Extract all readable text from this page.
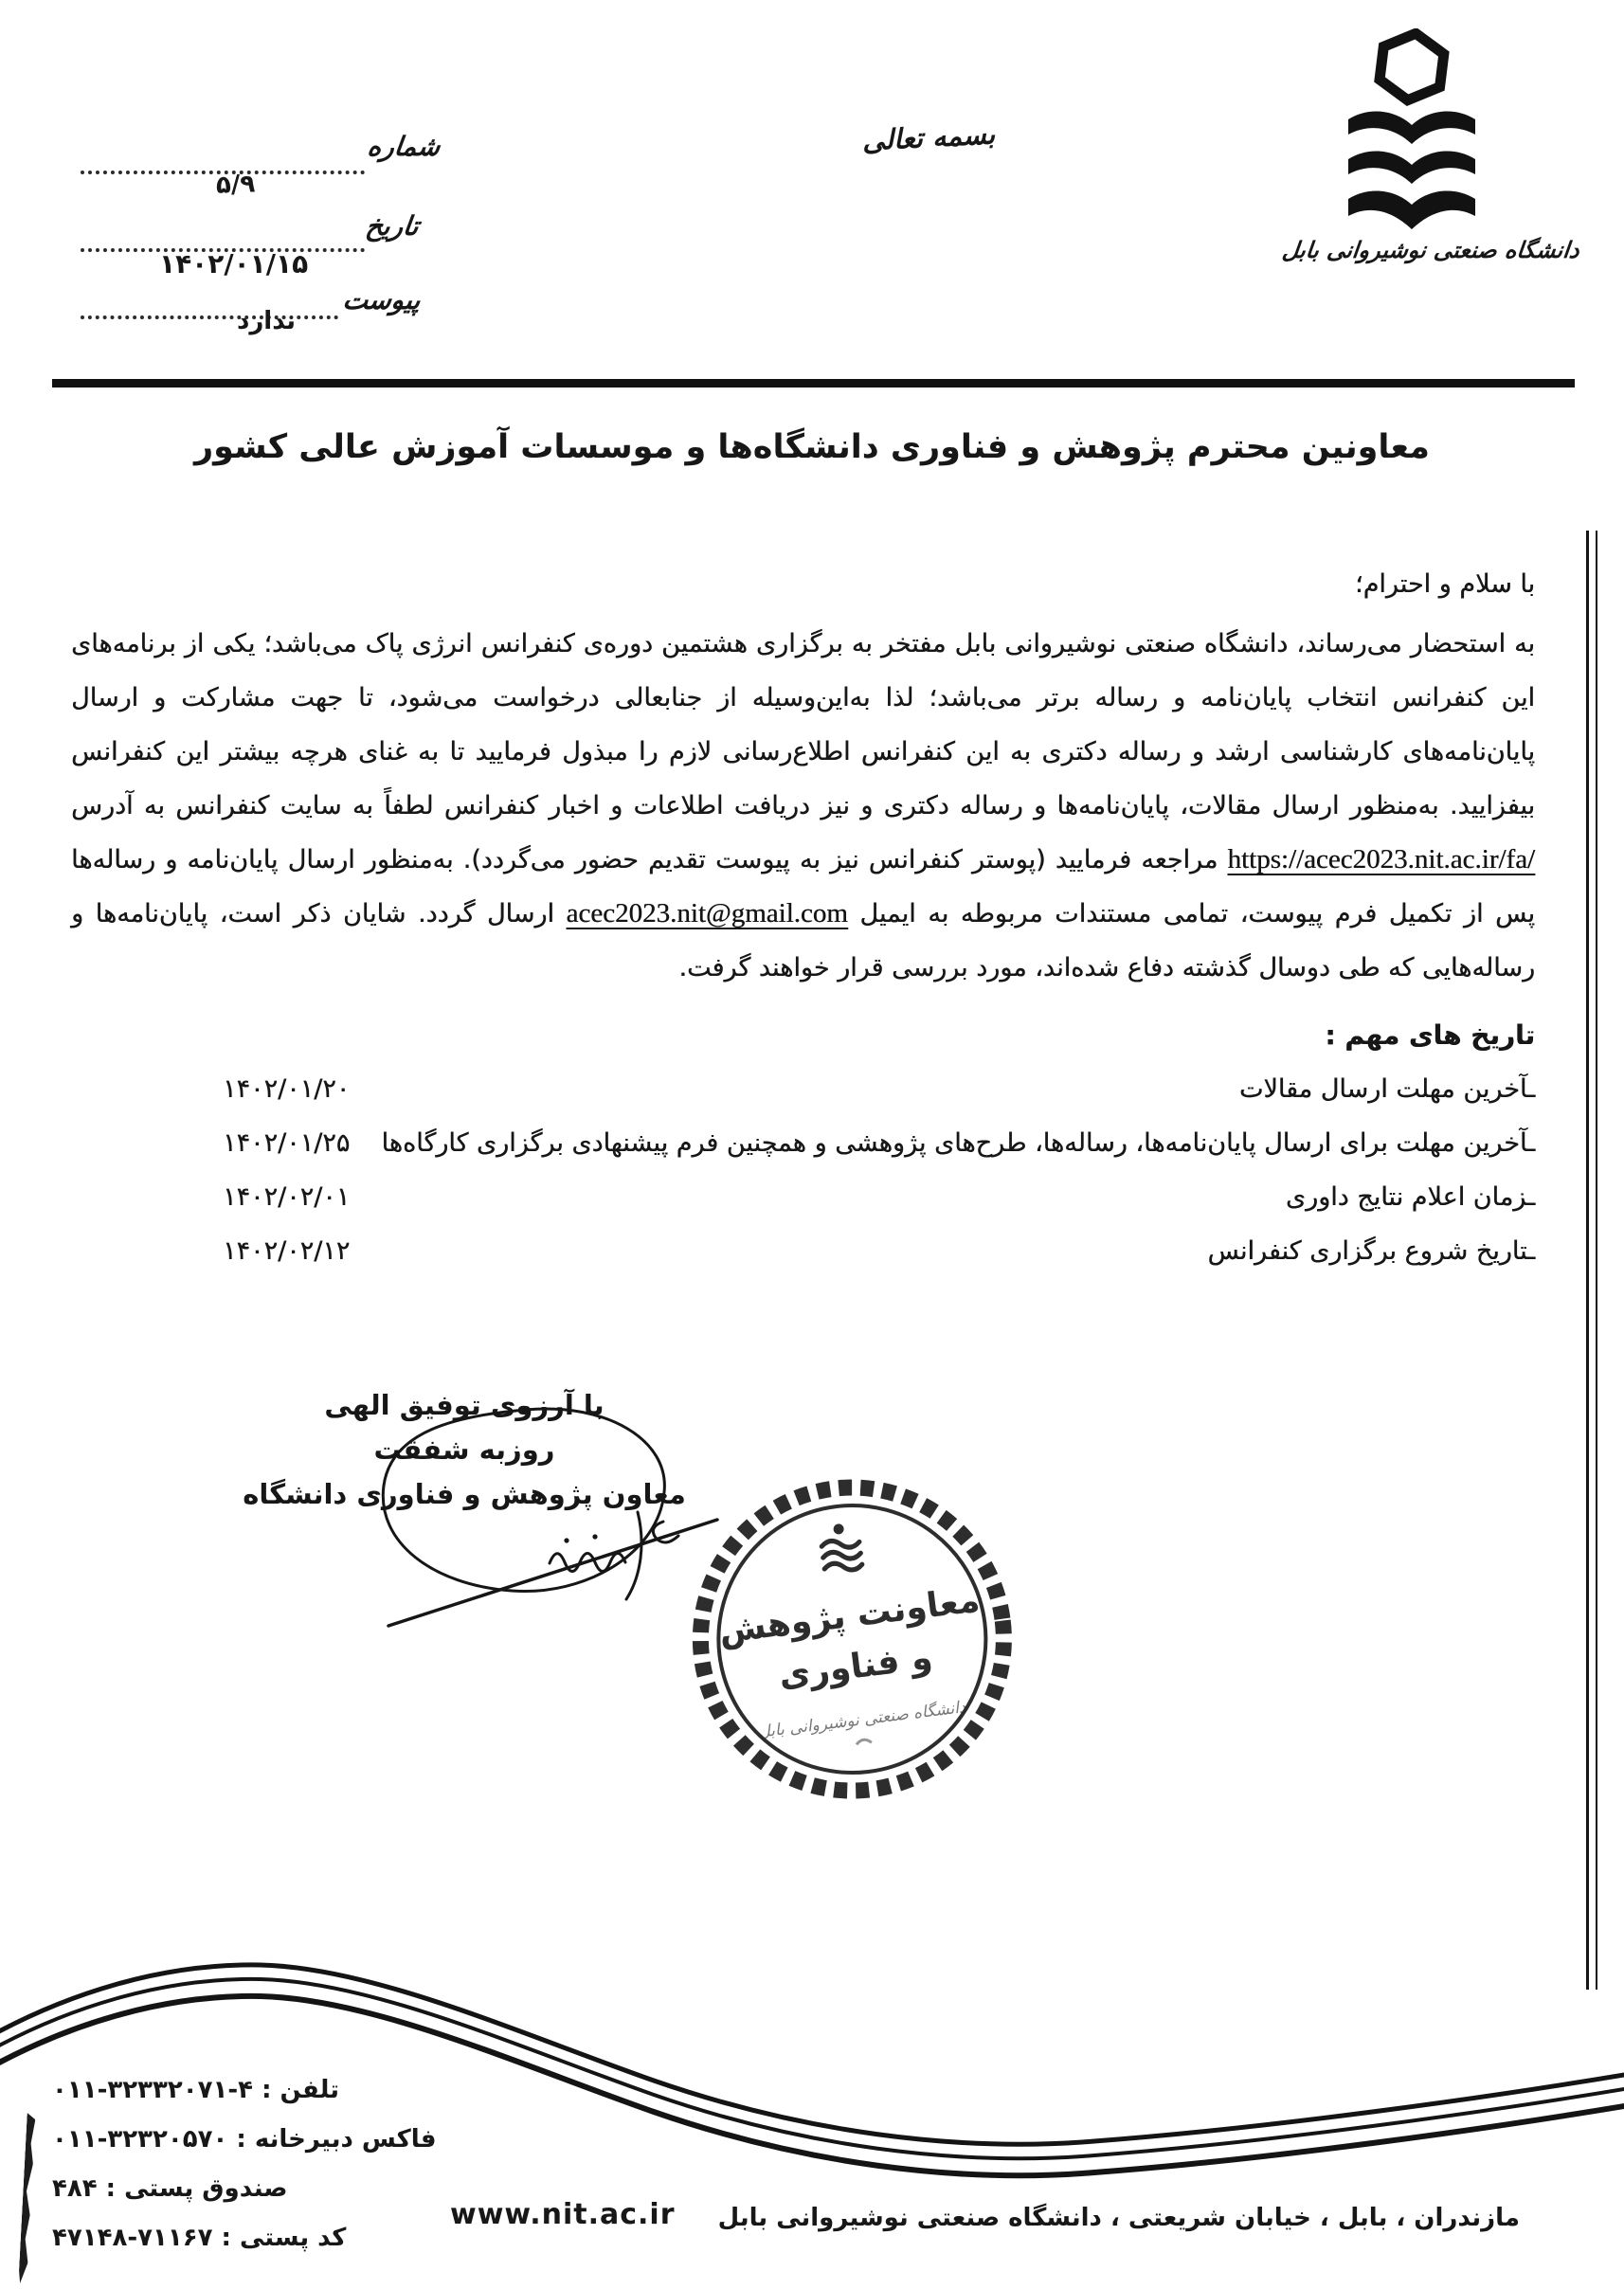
بسمه تعالی
دانشگاه صنعتی نوشیروانی بابل
شماره
۵/۹
تاریخ
۱۴۰۲/۰۱/۱۵
پیوست
ندارد
معاونین محترم پژوهش و فناوری دانشگاه‌ها و موسسات آموزش عالی کشور

با سلام و احترام؛

به استحضار می‌رساند، دانشگاه صنعتی نوشیروانی بابل مفتخر به برگزاری هشتمین دوره‌ی کنفرانس انرژی پاک می‌باشد؛ یکی از برنامه‌های این کنفرانس انتخاب پایان‌نامه و رساله برتر می‌باشد؛ لذا به‌این‌وسیله از جنابعالی درخواست می‌شود، تا جهت مشارکت و ارسال پایان‌نامه‌های کارشناسی ارشد و رساله دکتری به این کنفرانس اطلاع‌رسانی لازم را مبذول فرمایید تا به غنای هرچه بیشتر این کنفرانس بیفزایید. به‌منظور ارسال مقالات، پایان‌نامه‌ها و رساله دکتری و نیز دریافت اطلاعات و اخبار کنفرانس لطفاً به سایت کنفرانس به آدرس https://acec2023.nit.ac.ir/fa/ مراجعه فرمایید (پوستر کنفرانس نیز به پیوست تقدیم حضور می‌گردد). به‌منظور ارسال پایان‌نامه و رساله‌ها پس از تکمیل فرم پیوست، تمامی مستندات مربوطه به ایمیل acec2023.nit@gmail.com ارسال گردد. شایان ذکر است، پایان‌نامه‌ها و رساله‌هایی که طی دوسال گذشته دفاع شده‌اند، مورد بررسی قرار خواهند گرفت.

تاریخ های مهم :

ـآخرین مهلت ارسال مقالات
۱۴۰۲/۰۱/۲۰
ـآخرین مهلت برای ارسال پایان‌نامه‌ها، رساله‌ها، طرح‌های پژوهشی و همچنین فرم پیشنهادی برگزاری کارگاه‌ها
۱۴۰۲/۰۱/۲۵
ـزمان اعلام نتایج داوری
۱۴۰۲/۰۲/۰۱
ـتاریخ شروع برگزاری کنفرانس
۱۴۰۲/۰۲/۱۲
با آرزوی توفیق الهی
روزبه شفقت
معاون پژوهش و فناوری دانشگاه
معاونت پژوهش
و فناوری
دانشگاه صنعتی نوشیروانی بابل
تلفن : ۰۱۱-۳۲۳۳۲۰۷۱-۴
فاکس دبیرخانه : ۰۱۱-۳۲۳۲۰۵۷۰
صندوق پستی : ۴۸۴
کد پستی : ۴۷۱۴۸-۷۱۱۶۷
www.nit.ac.ir مازندران ، بابل ، خیابان شریعتی ، دانشگاه صنعتی نوشیروانی بابل
